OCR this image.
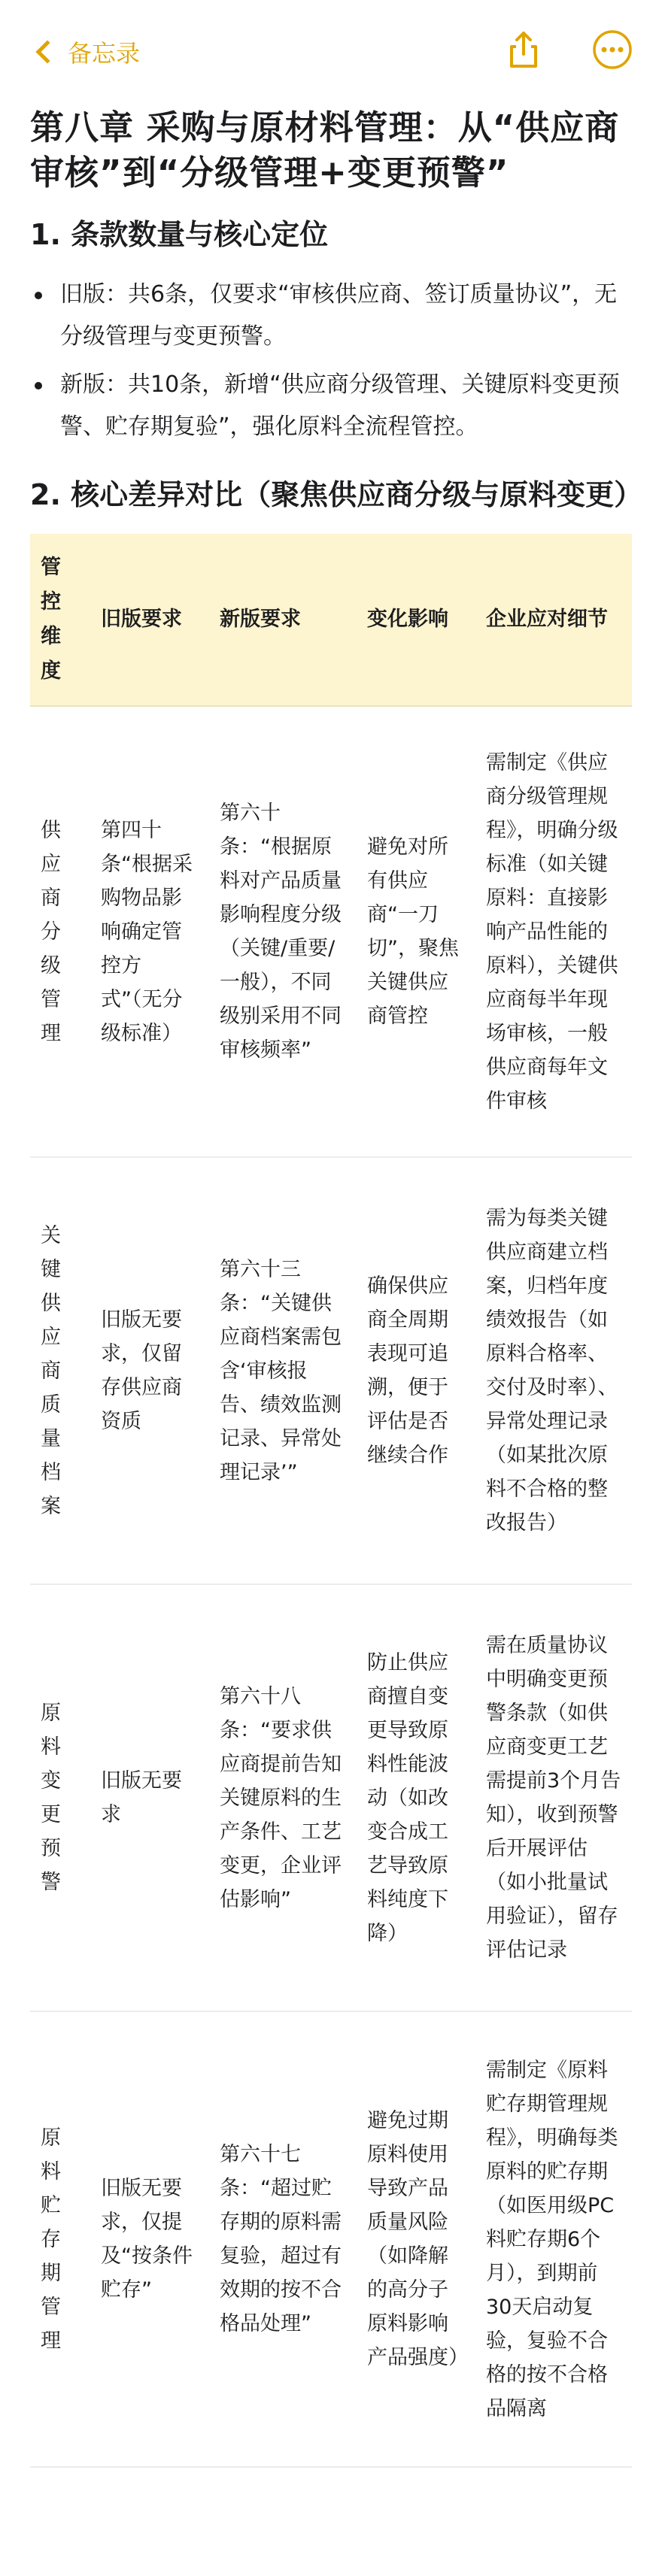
备忘录
第八章 采购与原材料管理：从“供应商审核”到“分级管理+变更预警”
1. 条款数量与核心定位
旧版：共6条，仅要求“审核供应商、签订质量协议”，无分级管理与变更预警。
新版：共10条，新增“供应商分级管理、关键原料变更预警、贮存期复验”，强化原料全流程管控。
2. 核心差异对比（聚焦供应商分级与原料变更）
管控维度	旧版要求	新版要求	变化影响	企业应对细节
供应商分级管理	第四十条“根据采购物品影响确定管控方式”（无分级标准）	第六十条：“根据原料对产品质量影响程度分级（关键/重要/一般），不同级别采用不同审核频率”	避免对所有供应商“一刀切”，聚焦关键供应商管控	需制定《供应商分级管理规程》，明确分级标准（如关键原料：直接影响产品性能的原料），关键供应商每半年现场审核，一般供应商每年文件审核
关键供应商质量档案	旧版无要求，仅留存供应商资质	第六十三条：“关键供应商档案需包含‘审核报告、绩效监测记录、异常处理记录’”	确保供应商全周期表现可追溯，便于评估是否继续合作	需为每类关键供应商建立档案，归档年度绩效报告（如原料合格率、交付及时率）、异常处理记录（如某批次原料不合格的整改报告）
原料变更预警	旧版无要求	第六十八条：“要求供应商提前告知关键原料的生产条件、工艺变更，企业评估影响”	防止供应商擅自变更导致原料性能波动（如改变合成工艺导致原料纯度下降）	需在质量协议中明确变更预警条款（如供应商变更工艺需提前3个月告知），收到预警后开展评估（如小批量试用验证），留存评估记录
原料贮存期管理	旧版无要求，仅提及“按条件贮存”	第六十七条：“超过贮存期的原料需复验，超过有效期的按不合格品处理”	避免过期原料使用导致产品质量风险（如降解的高分子原料影响产品强度）	需制定《原料贮存期管理规程》，明确每类原料的贮存期（如医用级PC料贮存期6个月），到期前30天启动复验，复验不合格的按不合格品隔离
